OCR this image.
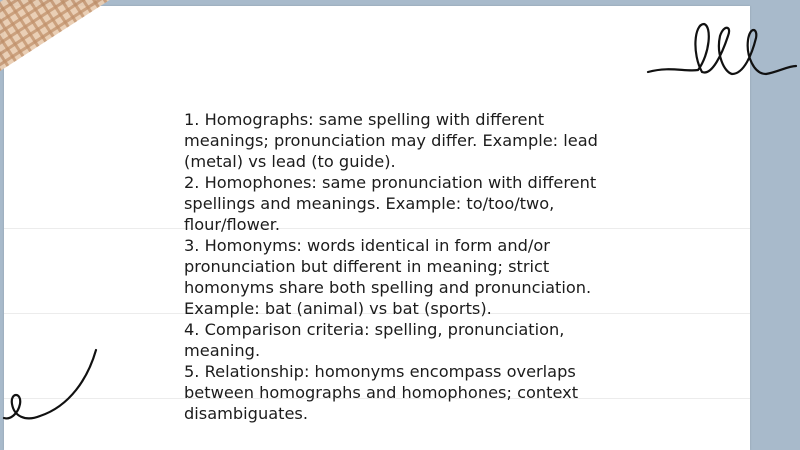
1. Homographs: same spelling with different meanings; pronunciation may differ. Example: lead (metal) vs lead (to guide).

2. Homophones: same pronunciation with different spellings and meanings. Example: to/too/two, flour/flower.

3. Homonyms: words identical in form and/or pronunciation but different in meaning; strict homonyms share both spelling and pronunciation. Example: bat (animal) vs bat (sports).

4. Comparison criteria: spelling, pronunciation, meaning.

5. Relationship: homonyms encompass overlaps between homographs and homophones; context disambiguates.
